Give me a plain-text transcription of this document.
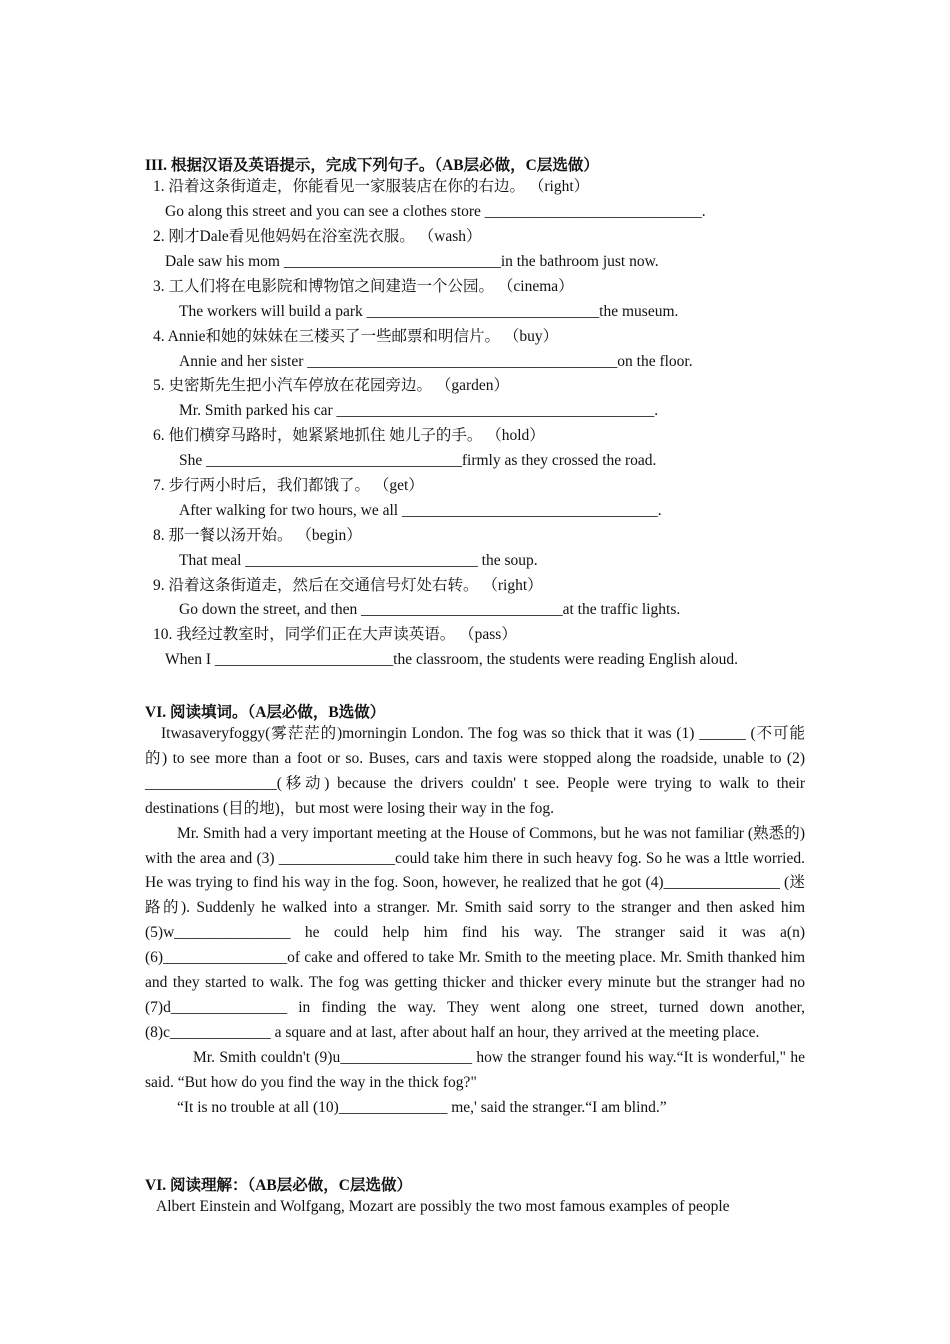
III. 根据汉语及英语提示，完成下列句子。（AB层必做，C层选做）
1. 沿着这条街道走，你能看见一家服装店在你的右边。 （right）
Go along this street and you can see a clothes store ____________________________.
2. 刚才Dale看见他妈妈在浴室洗衣服。 （wash）
Dale saw his mom ____________________________in the bathroom just now.
3. 工人们将在电影院和博物馆之间建造一个公园。 （cinema）
The workers will build a park ______________________________the museum.
4. Annie和她的妹妹在三楼买了一些邮票和明信片。 （buy）
Annie and her sister ________________________________________on the floor.
5. 史密斯先生把小汽车停放在花园旁边。 （garden）
Mr. Smith parked his car _________________________________________.
6. 他们横穿马路时，她紧紧地抓住 她儿子的手。 （hold）
She _________________________________firmly as they crossed the road.
7. 步行两小时后，我们都饿了。 （get）
After walking for two hours, we all _________________________________.
8. 那一餐以汤开始。 （begin）
That meal ______________________________ the soup.
9. 沿着这条街道走，然后在交通信号灯处右转。 （right）
Go down the street, and then __________________________at the traffic lights.
10. 我经过教室时，同学们正在大声读英语。 （pass）
When I _______________________the classroom, the students were reading English aloud.
VI. 阅读填词。（A层必做，B选做）

Itwasaveryfoggy(雾茫茫的)morningin London. The fog was so thick that it was (1) ______ (不可能的) to see more than a foot or so. Buses, cars and taxis were stopped along the roadside, unable to (2) _________________(移动) because the drivers couldn' t see. People were trying to walk to their destinations (目的地)，but most were losing their way in the fog.

Mr. Smith had a very important meeting at the House of Commons, but he was not familiar (熟悉的) with the area and (3) _______________could take him there in such heavy fog. So he was a lttle worried. He was trying to find his way in the fog. Soon, however, he realized that he got (4)_______________ (迷路的). Suddenly he walked into a stranger. Mr. Smith said sorry to the stranger and then asked him (5)w_______________ he could help him find his way. The stranger said it was a(n) (6)________________of cake and offered to take Mr. Smith to the meeting place. Mr. Smith thanked him and they started to walk. The fog was getting thicker and thicker every minute but the stranger had no (7)d_______________ in finding the way. They went along one street, turned down another, (8)c_____________ a square and at last, after about half an hour, they arrived at the meeting place.

Mr. Smith couldn't (9)u_________________ how the stranger found his way.“It is wonderful," he said. “But how do you find the way in the thick fog?"

“It is no trouble at all (10)______________ me,' said the stranger.“I am blind.”

VI. 阅读理解：（AB层必做，C层选做）
Albert Einstein and Wolfgang, Mozart are possibly the two most famous examples of people
